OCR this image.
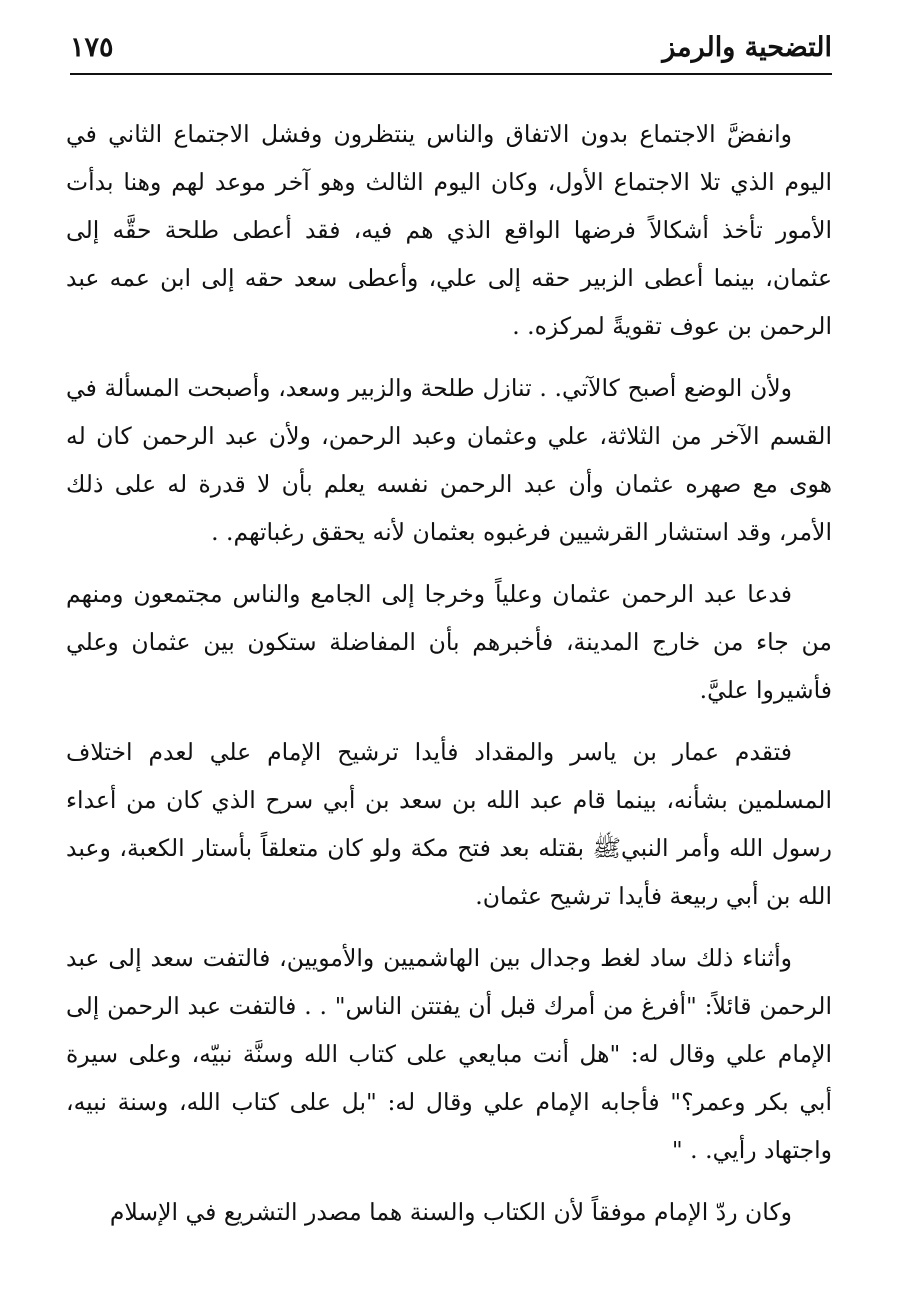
التضحية والرمز
١٧٥

وانفضَّ الاجتماع بدون الاتفاق والناس ينتظرون وفشل الاجتماع الثاني في اليوم الذي تلا الاجتماع الأول، وكان اليوم الثالث وهو آخر موعد لهم وهنا بدأت الأمور تأخذ أشكالاً فرضها الواقع الذي هم فيه، فقد أعطى طلحة حقَّه إلى عثمان، بينما أعطى الزبير حقه إلى علي، وأعطى سعد حقه إلى ابن عمه عبد الرحمن بن عوف تقويةً لمركزه. .

ولأن الوضع أصبح كالآتي. . تنازل طلحة والزبير وسعد، وأصبحت المسألة في القسم الآخر من الثلاثة، علي وعثمان وعبد الرحمن، ولأن عبد الرحمن كان له هوى مع صهره عثمان وأن عبد الرحمن نفسه يعلم بأن لا قدرة له على ذلك الأمر، وقد استشار القرشيين فرغبوه بعثمان لأنه يحقق رغباتهم. .

فدعا عبد الرحمن عثمان وعلياً وخرجا إلى الجامع والناس مجتمعون ومنهم من جاء من خارج المدينة، فأخبرهم بأن المفاضلة ستكون بين عثمان وعلي فأشيروا عليَّ.

فتقدم عمار بن ياسر والمقداد فأيدا ترشيح الإمام علي لعدم اختلاف المسلمين بشأنه، بينما قام عبد الله بن سعد بن أبي سرح الذي كان من أعداء رسول الله وأمر النبيﷺ بقتله بعد فتح مكة ولو كان متعلقاً بأستار الكعبة، وعبد الله بن أبي ربيعة فأيدا ترشيح عثمان.

وأثناء ذلك ساد لغط وجدال بين الهاشميين والأمويين، فالتفت سعد إلى عبد الرحمن قائلاً: "أفرغ من أمرك قبل أن يفتتن الناس" . . فالتفت عبد الرحمن إلى الإمام علي وقال له: "هل أنت مبايعي على كتاب الله وسنَّة نبيّه، وعلى سيرة أبي بكر وعمر؟" فأجابه الإمام علي وقال له: "بل على كتاب الله، وسنة نبيه، واجتهاد رأيي. . "

وكان ردّ الإمام موفقاً لأن الكتاب والسنة هما مصدر التشريع في الإسلام
